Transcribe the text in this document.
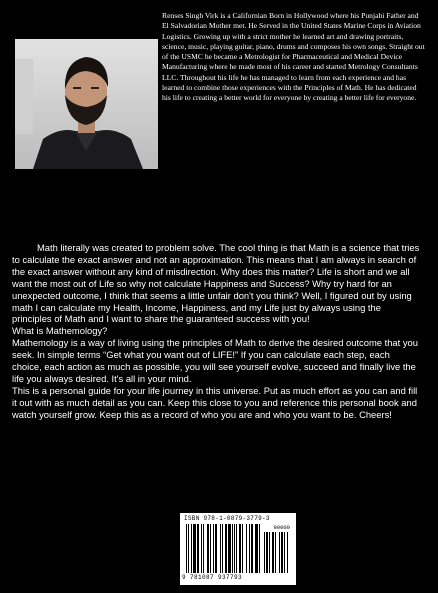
Renses Singh Virk is a Californian Born in Hollywood where his Punjabi Father and El Salvadorian Mother met. He Served in the United States Marine Corps in Aviation Logistics. Growing up with a strict mother he learned art and drawing portraits, science, music, playing guitar, piano, drums and composes his own songs. Straight out of the USMC he became a Metrologist for Pharmaceutical and Medical Device Manufacturing where he made most of his career and started Metrology Consultants LLC. Throughout his life he has managed to learn from each experience and has learned to combine those experiences with the Principles of Math. He has dedicated his life to creating a better world for everyone by creating a better life for everyone.

Math literally was created to problem solve. The cool thing is that Math is a science that tries to calculate the exact answer and not an approximation. This means that I am always in search of the exact answer without any kind of misdirection. Why does this matter? Life is short and we all want the most out of Life so why not calculate Happiness and Success? Why try hard for an unexpected outcome, I think that seems a little unfair don't you think? Well, I figured out by using math I can calculate my Health, Income, Happiness, and my Life just by always using the principles of Math and I want to share the guaranteed success with you!

What is Mathemology?

Mathemology is a way of living using the principles of Math to derive the desired outcome that you seek. In simple terms “Get what you want out of LIFE!” If you can calculate each step, each choice, each action as much as possible, you will see yourself evolve, succeed and finally live the life you always desired. It's all in your mind.

This is a personal guide for your life journey in this universe. Put as much effort as you can and fill it out with as much detail as you can. Keep this close to you and reference this personal book and watch yourself grow. Keep this as a record of who you are and who you want to be. Cheers!

ISBN 978-1-0879-3779-3
90000
9 781087 937793
